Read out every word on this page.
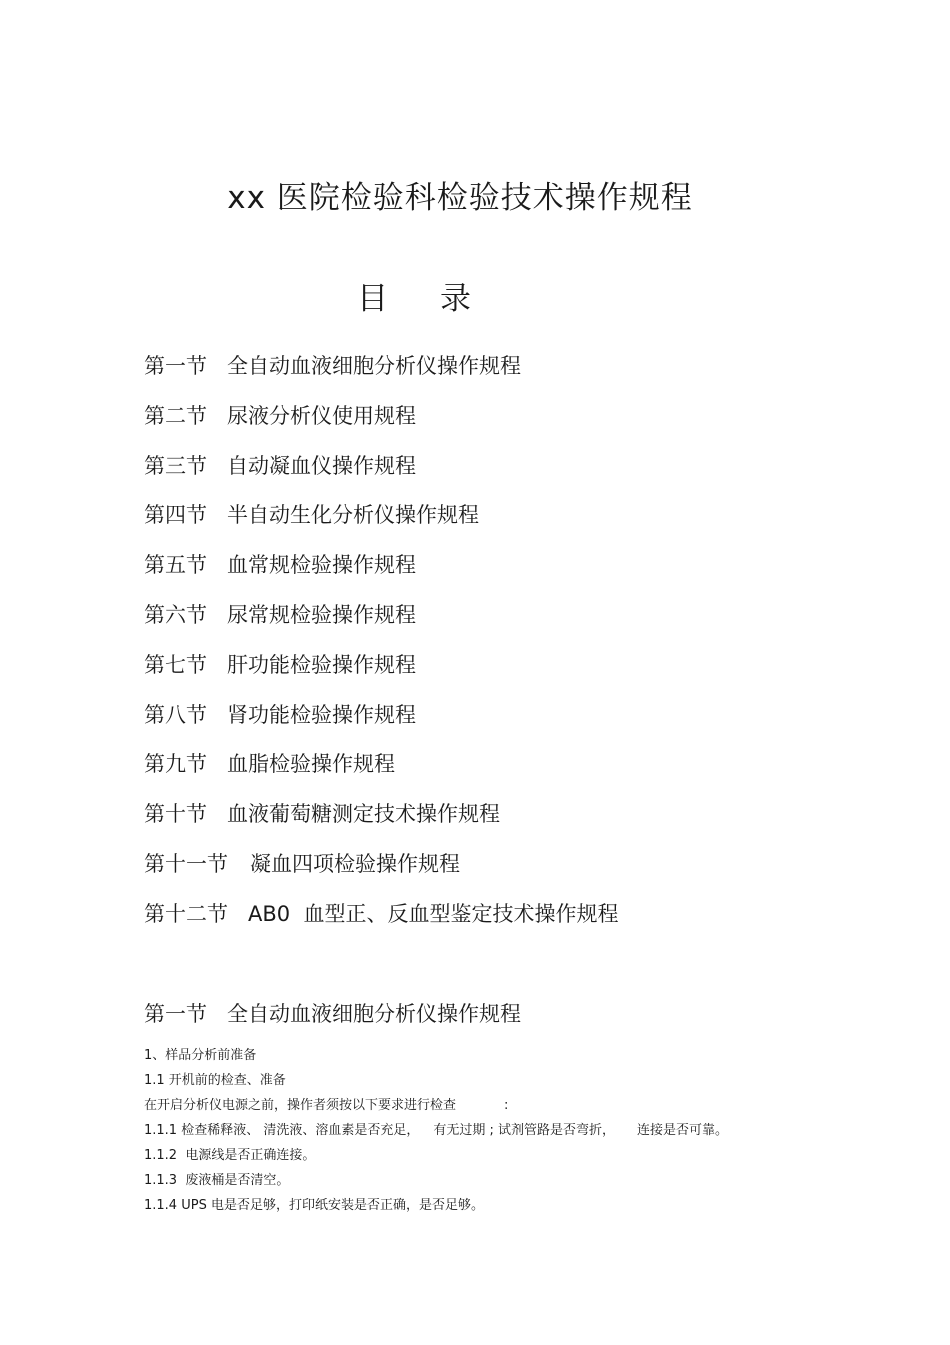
xx 医院检验科检验技术操作规程
目 录
第一节 全自动血液细胞分析仪操作规程
第二节 尿液分析仪使用规程
第三节 自动凝血仪操作规程
第四节 半自动生化分析仪操作规程
第五节 血常规检验操作规程
第六节 尿常规检验操作规程
第七节 肝功能检验操作规程
第八节 肾功能检验操作规程
第九节 血脂检验操作规程
第十节 血液葡萄糖测定技术操作规程
第十一节 凝血四项检验操作规程
第十二节 AB0  血型正、反血型鉴定技术操作规程
第一节 全自动血液细胞分析仪操作规程
1、样品分析前准备
1.1 开机前的检查、准备
在开启分析仪电源之前，操作者须按以下要求进行检查	:
1.1.1 检查稀释液、 清洗液、溶血素是否充足， 有无过期 ; 试剂管路是否弯折， 连接是否可靠。
1.1.2  电源线是否正确连接。
1.1.3  废液桶是否清空。
1.1.4 UPS 电是否足够，打印纸安装是否正确，是否足够。
